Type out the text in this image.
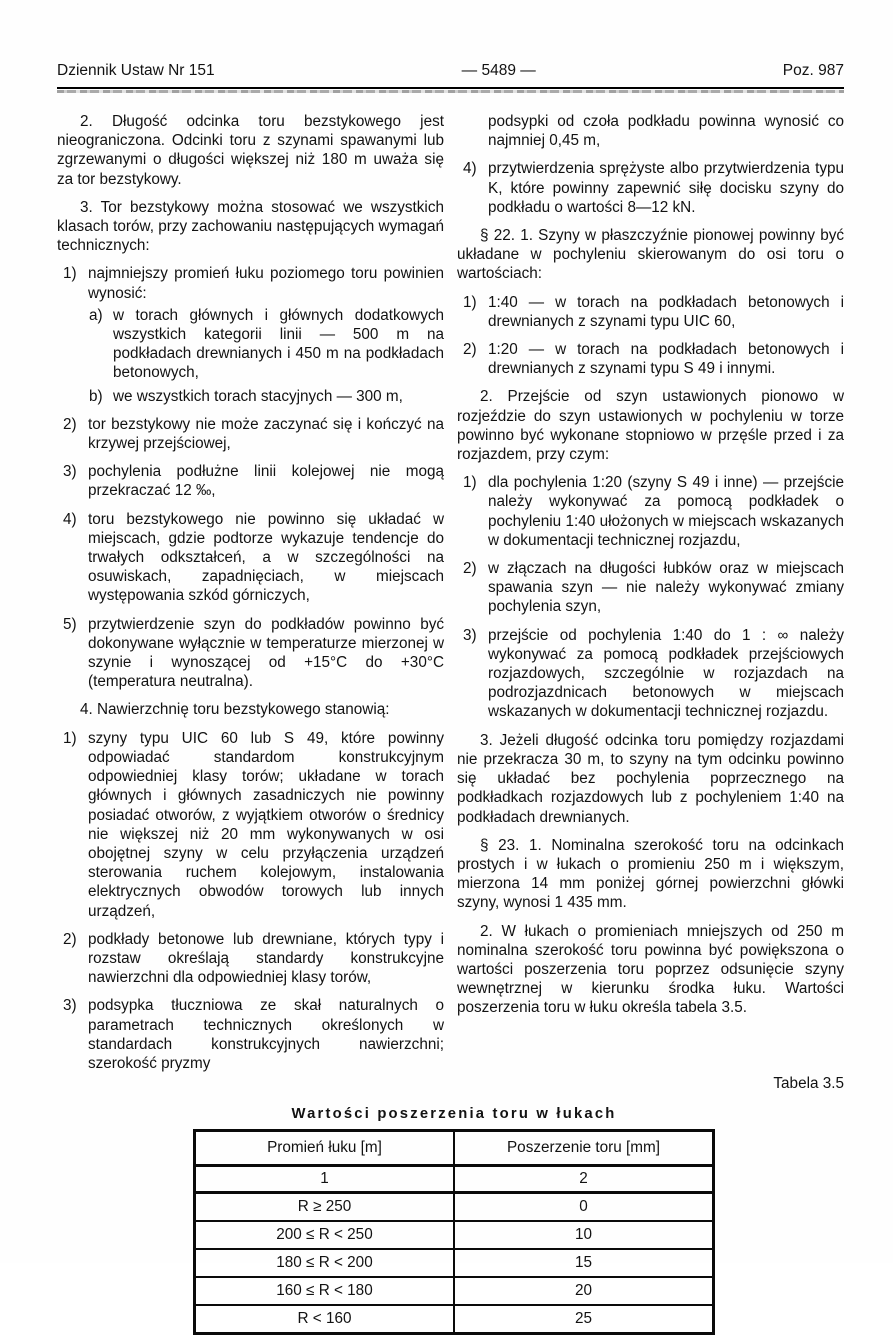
Dziennik Ustaw Nr 151	— 5489 —	Poz. 987

2. Długość odcinka toru bezstykowego jest nieograniczona. Odcinki toru z szynami spawanymi lub zgrzewanymi o długości większej niż 180 m uważa się za tor bezstykowy.

3. Tor bezstykowy można stosować we wszystkich klasach torów, przy zachowaniu następujących wymagań technicznych:

1) najmniejszy promień łuku poziomego toru powinien wynosić:
a) w torach głównych i głównych dodatkowych wszystkich kategorii linii — 500 m na podkładach drewnianych i 450 m na podkładach betonowych,
b) we wszystkich torach stacyjnych — 300 m,
2) tor bezstykowy nie może zaczynać się i kończyć na krzywej przejściowej,
3) pochylenia podłużne linii kolejowej nie mogą przekraczać 12 ‰,
4) toru bezstykowego nie powinno się układać w miejscach, gdzie podtorze wykazuje tendencje do trwałych odkształceń, a w szczególności na osuwiskach, zapadnięciach, w miejscach występowania szkód górniczych,
5) przytwierdzenie szyn do podkładów powinno być dokonywane wyłącznie w temperaturze mierzonej w szynie i wynoszącej od +15°C do +30°C (temperatura neutralna).

4. Nawierzchnię toru bezstykowego stanowią:

1) szyny typu UIC 60 lub S 49, które powinny odpowiadać standardom konstrukcyjnym odpowiedniej klasy torów; układane w torach głównych i głównych zasadniczych nie powinny posiadać otworów, z wyjątkiem otworów o średnicy nie większej niż 20 mm wykonywanych w osi obojętnej szyny w celu przyłączenia urządzeń sterowania ruchem kolejowym, instalowania elektrycznych obwodów torowych lub innych urządzeń,
2) podkłady betonowe lub drewniane, których typy i rozstaw określają standardy konstrukcyjne nawierzchni dla odpowiedniej klasy torów,
3) podsypka tłuczniowa ze skał naturalnych o parametrach technicznych określonych w standardach konstrukcyjnych nawierzchni; szerokość pryzmy
podsypki od czoła podkładu powinna wynosić co najmniej 0,45 m,
4) przytwierdzenia sprężyste albo przytwierdzenia typu K, które powinny zapewnić siłę docisku szyny do podkładu o wartości 8—12 kN.

§ 22. 1. Szyny w płaszczyźnie pionowej powinny być układane w pochyleniu skierowanym do osi toru o wartościach:

1) 1:40 — w torach na podkładach betonowych i drewnianych z szynami typu UIC 60,
2) 1:20 — w torach na podkładach betonowych i drewnianych z szynami typu S 49 i innymi.

2. Przejście od szyn ustawionych pionowo w rozjeździe do szyn ustawionych w pochyleniu w torze powinno być wykonane stopniowo w przęśle przed i za rozjazdem, przy czym:

1) dla pochylenia 1:20 (szyny S 49 i inne) — przejście należy wykonywać za pomocą podkładek o pochyleniu 1:40 ułożonych w miejscach wskazanych w dokumentacji technicznej rozjazdu,
2) w złączach na długości łubków oraz w miejscach spawania szyn — nie należy wykonywać zmiany pochylenia szyn,
3) przejście od pochylenia 1:40 do 1 : ∞ należy wykonywać za pomocą podkładek przejściowych rozjazdowych, szczególnie w rozjazdach na podrozjazdnicach betonowych w miejscach wskazanych w dokumentacji technicznej rozjazdu.

3. Jeżeli długość odcinka toru pomiędzy rozjazdami nie przekracza 30 m, to szyny na tym odcinku powinno się układać bez pochylenia poprzecznego na podkładkach rozjazdowych lub z pochyleniem 1:40 na podkładach drewnianych.

§ 23. 1. Nominalna szerokość toru na odcinkach prostych i w łukach o promieniu 250 m i większym, mierzona 14 mm poniżej górnej powierzchni główki szyny, wynosi 1 435 mm.

2. W łukach o promieniach mniejszych od 250 m nominalna szerokość toru powinna być powiększona o wartości poszerzenia toru poprzez odsunięcie szyny wewnętrznej w kierunku środka łuku. Wartości poszerzenia toru w łuku określa tabela 3.5.

Tabela 3.5
Wartości poszerzenia toru w łukach
Promień łuku [m]	Poszerzenie toru [mm]
1	2
R ≥ 250	0
200 ≤ R < 250	10
180 ≤ R < 200	15
160 ≤ R < 180	20
R < 160	25
